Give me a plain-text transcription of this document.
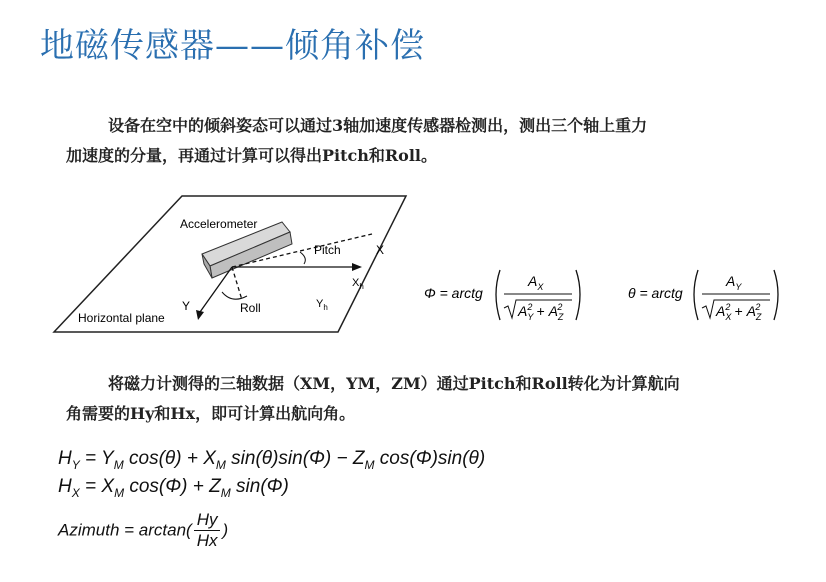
地磁传感器——倾角补偿
设备在空中的倾斜姿态可以通过3轴加速度传感器检测出，测出三个轴上重力
加速度的分量，再通过计算可以得出Pitch和Roll。
Accelerometer
Pitch	X
$X_h$
Y	Roll	$Y_h$
Horizontal plane
Φ = arctg
$A_X$
$A_Y2 + A_Z2$
θ = arctg
$A_Y$
$A_X2 + A_Z2$
将磁力计测得的三轴数据（XM，YM，ZM）通过Pitch和Roll转化为计算航向
角需要的Hy和Hx，即可计算出航向角。
$H_Y = Y_M$ $\cos(\theta) + X_M$ $\sin(\theta)\sin(\Phi) - Z_M$ cos(Φ)sin(θ)
$H_X = X_M$ $\cos(\Phi) + Z_M$ sin(Φ)
Azimuth = $\arctan( \frac{Hy}{Hx}$ )
